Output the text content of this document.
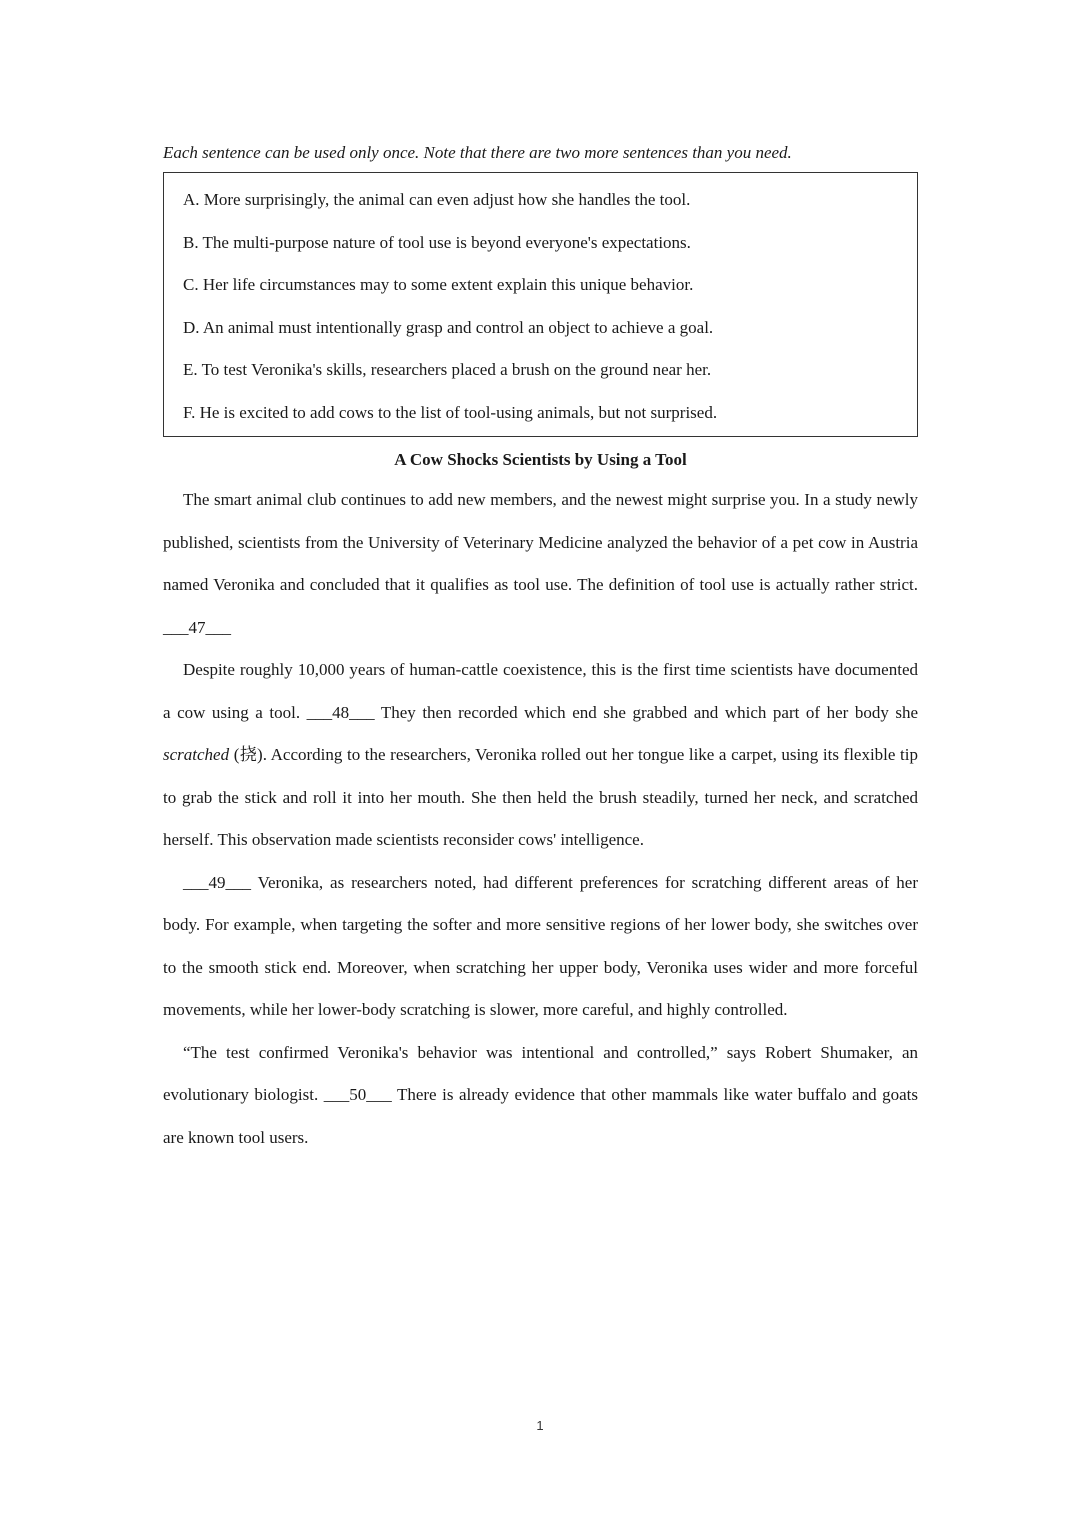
Each sentence can be used only once. Note that there are two more sentences than you need.

A. More surprisingly, the animal can even adjust how she handles the tool.
B. The multi-purpose nature of tool use is beyond everyone's expectations.
C. Her life circumstances may to some extent explain this unique behavior.
D. An animal must intentionally grasp and control an object to achieve a goal.
E. To test Veronika's skills, researchers placed a brush on the ground near her.
F. He is excited to add cows to the list of tool-using animals, but not surprised.
A Cow Shocks Scientists by Using a Tool

The smart animal club continues to add new members, and the newest might surprise you. In a study newly published, scientists from the University of Veterinary Medicine analyzed the behavior of a pet cow in Austria named Veronika and concluded that it qualifies as tool use. The definition of tool use is actually rather strict. ___47___

Despite roughly 10,000 years of human-cattle coexistence, this is the first time scientists have documented a cow using a tool. ___48___ They then recorded which end she grabbed and which part of her body she scratched (挠). According to the researchers, Veronika rolled out her tongue like a carpet, using its flexible tip to grab the stick and roll it into her mouth. She then held the brush steadily, turned her neck, and scratched herself. This observation made scientists reconsider cows' intelligence.

___49___ Veronika, as researchers noted, had different preferences for scratching different areas of her body. For example, when targeting the softer and more sensitive regions of her lower body, she switches over to the smooth stick end. Moreover, when scratching her upper body, Veronika uses wider and more forceful movements, while her lower-body scratching is slower, more careful, and highly controlled.

“The test confirmed Veronika's behavior was intentional and controlled,” says Robert Shumaker, an evolutionary biologist. ___50___ There is already evidence that other mammals like water buffalo and goats are known tool users.

1
